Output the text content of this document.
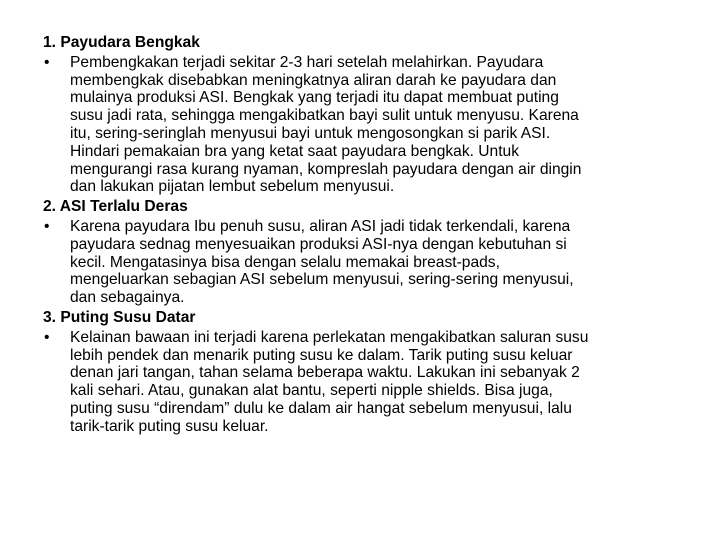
1. Payudara Bengkak
• Pembengkakan terjadi sekitar 2-3 hari setelah melahirkan. Payudara
membengkak disebabkan meningkatnya aliran darah ke payudara dan
mulainya produksi ASI. Bengkak yang terjadi itu dapat membuat puting
susu jadi rata, sehingga mengakibatkan bayi sulit untuk menyusu. Karena
itu, sering-seringlah menyusui bayi untuk mengosongkan si parik ASI.
Hindari pemakaian bra yang ketat saat payudara bengkak. Untuk
mengurangi rasa kurang nyaman, kompreslah payudara dengan air dingin
dan lakukan pijatan lembut sebelum menyusui.
2. ASI Terlalu Deras
• Karena payudara Ibu penuh susu, aliran ASI jadi tidak terkendali, karena
payudara sednag menyesuaikan produksi ASI-nya dengan kebutuhan si
kecil. Mengatasinya bisa dengan selalu memakai breast-pads,
mengeluarkan sebagian ASI sebelum menyusui, sering-sering menyusui,
dan sebagainya.
3. Puting Susu Datar
• Kelainan bawaan ini terjadi karena perlekatan mengakibatkan saluran susu
lebih pendek dan menarik puting susu ke dalam. Tarik puting susu keluar
denan jari tangan, tahan selama beberapa waktu. Lakukan ini sebanyak 2
kali sehari. Atau, gunakan alat bantu, seperti nipple shields. Bisa juga,
puting susu “direndam” dulu ke dalam air hangat sebelum menyusui, lalu
tarik-tarik puting susu keluar.
